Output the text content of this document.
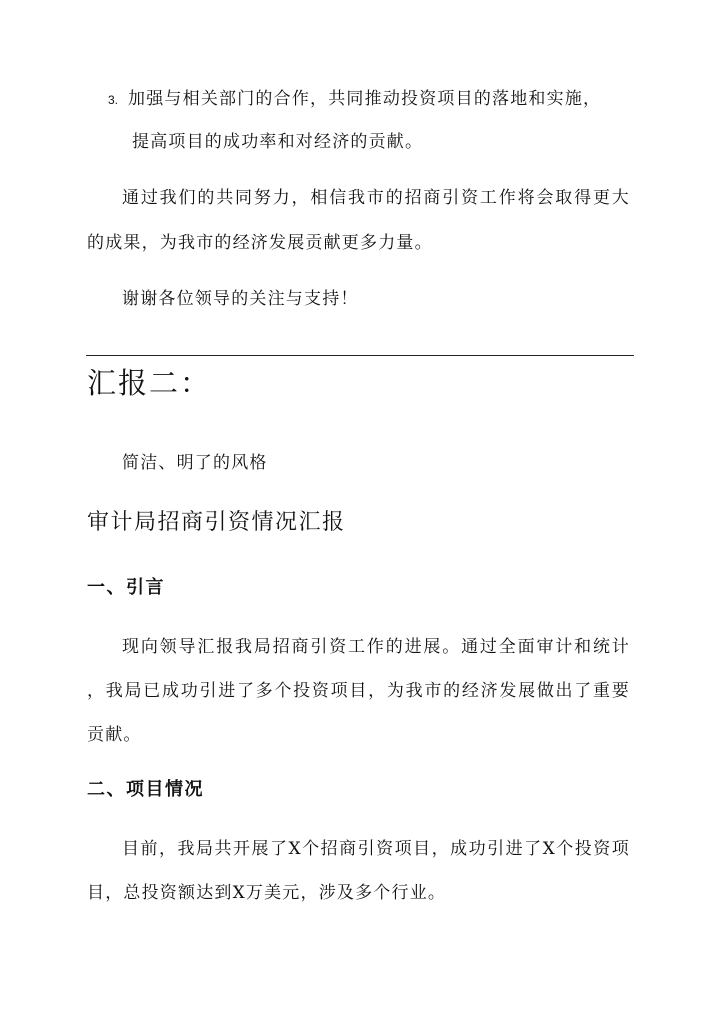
3. 加强与相关部门的合作，共同推动投资项目的落地和实施，
提高项目的成功率和对经济的贡献。
通过我们的共同努力，相信我市的招商引资工作将会取得更大
的成果，为我市的经济发展贡献更多力量。
谢谢各位领导的关注与支持！
汇报二：
简洁、明了的风格
审计局招商引资情况汇报
一、引言
现向领导汇报我局招商引资工作的进展。通过全面审计和统计
，我局已成功引进了多个投资项目，为我市的经济发展做出了重要
贡献。
二、项目情况
目前，我局共开展了X个招商引资项目，成功引进了X个投资项
目，总投资额达到X万美元，涉及多个行业。
